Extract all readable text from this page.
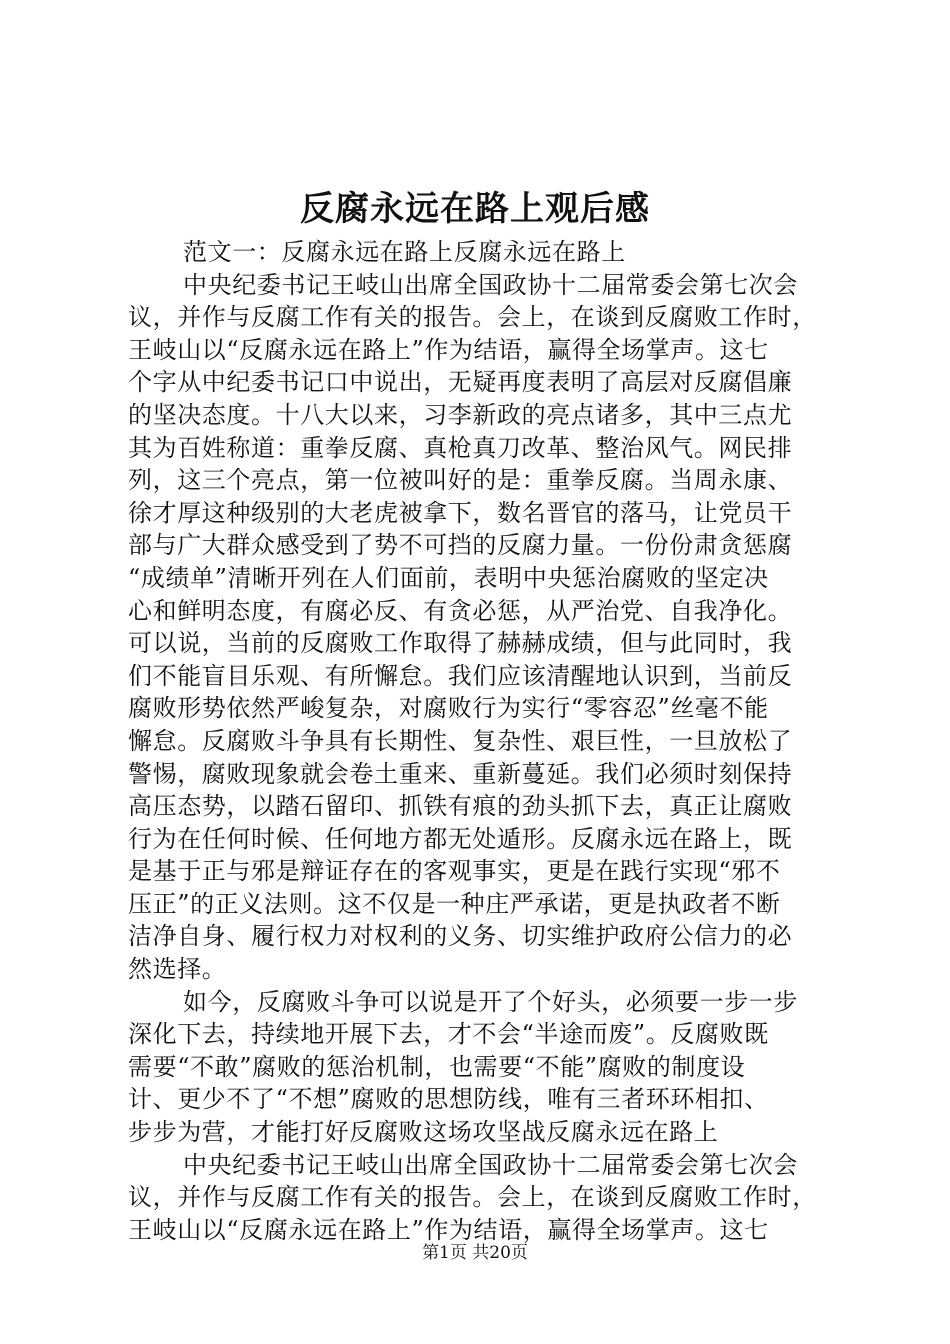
反腐永远在路上观后感
范文一：反腐永远在路上反腐永远在路上
中央纪委书记王岐山出席全国政协十二届常委会第七次会
议，并作与反腐工作有关的报告。会上，在谈到反腐败工作时，
王岐山以“反腐永远在路上”作为结语，赢得全场掌声。这七
个字从中纪委书记口中说出，无疑再度表明了高层对反腐倡廉
的坚决态度。十八大以来，习李新政的亮点诸多，其中三点尤
其为百姓称道：重拳反腐、真枪真刀改革、整治风气。网民排
列，这三个亮点，第一位被叫好的是：重拳反腐。当周永康、
徐才厚这种级别的大老虎被拿下，数名晋官的落马，让党员干
部与广大群众感受到了势不可挡的反腐力量。一份份肃贪惩腐
“成绩单”清晰开列在人们面前，表明中央惩治腐败的坚定决
心和鲜明态度，有腐必反、有贪必惩，从严治党、自我净化。
可以说，当前的反腐败工作取得了赫赫成绩，但与此同时，我
们不能盲目乐观、有所懈怠。我们应该清醒地认识到，当前反
腐败形势依然严峻复杂，对腐败行为实行“零容忍”丝毫不能
懈怠。反腐败斗争具有长期性、复杂性、艰巨性，一旦放松了
警惕，腐败现象就会卷土重来、重新蔓延。我们必须时刻保持
高压态势，以踏石留印、抓铁有痕的劲头抓下去，真正让腐败
行为在任何时候、任何地方都无处遁形。反腐永远在路上，既
是基于正与邪是辩证存在的客观事实，更是在践行实现“邪不
压正”的正义法则。这不仅是一种庄严承诺，更是执政者不断
洁净自身、履行权力对权利的义务、切实维护政府公信力的必
然选择。
如今，反腐败斗争可以说是开了个好头，必须要一步一步
深化下去，持续地开展下去，才不会“半途而废”。反腐败既
需要“不敢”腐败的惩治机制，也需要“不能”腐败的制度设
计、更少不了“不想”腐败的思想防线，唯有三者环环相扣、
步步为营，才能打好反腐败这场攻坚战反腐永远在路上
中央纪委书记王岐山出席全国政协十二届常委会第七次会
议，并作与反腐工作有关的报告。会上，在谈到反腐败工作时，
王岐山以“反腐永远在路上”作为结语，赢得全场掌声。这七
第1页 共20页
